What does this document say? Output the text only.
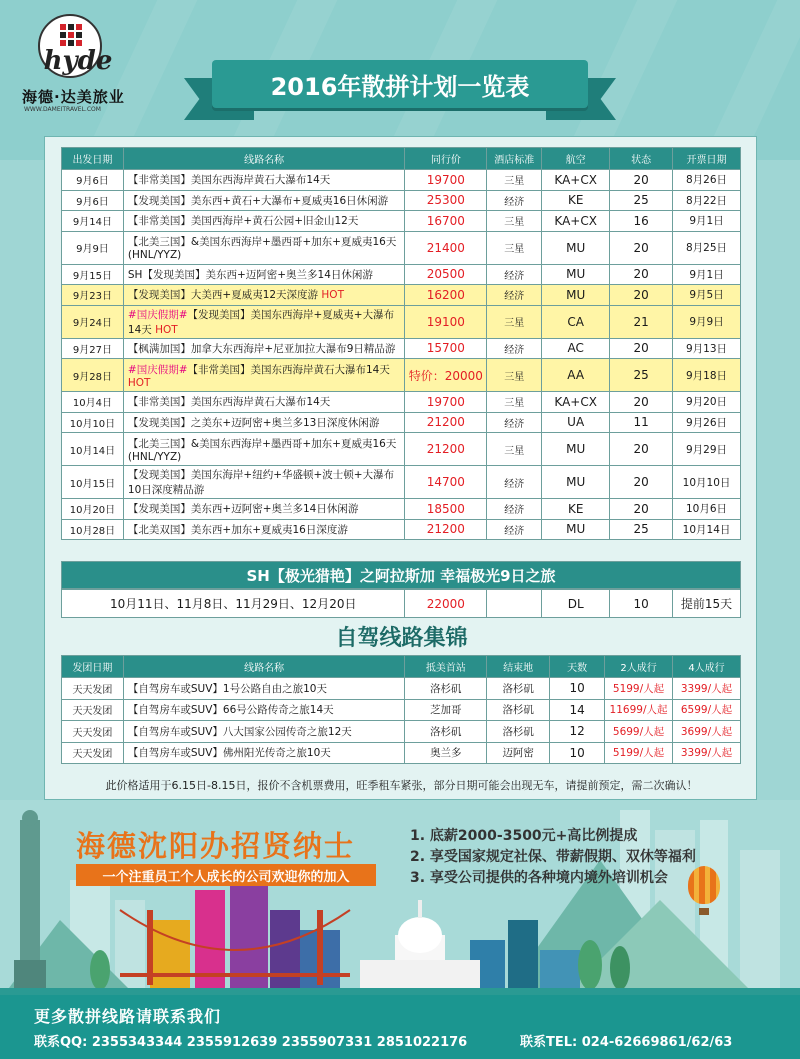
hyde
海德·达美旅业
WWW.DAMEITRAVEL.COM
2016年散拼计划一览表
出发日期	线路名称	同行价	酒店标准	航空	状态	开票日期
9月6日	【非常美国】美国东西海岸黄石大瀑布14天	19700	三星	KA+CX	20	8月26日
9月6日	【发现美国】美东西+黄石+大瀑布+夏威夷16日休闲游	25300	经济	KE	25	8月22日
9月14日	【非常美国】美国西海岸+黄石公园+旧金山12天	16700	三星	KA+CX	16	9月1日
9月9日	【北美三国】&美国东西海岸+墨西哥+加东+夏威夷16天(HNL/YYZ)	21400	三星	MU	20	8月25日
9月15日	SH【发现美国】美东西+迈阿密+奥兰多14日休闲游	20500	经济	MU	20	9月1日
9月23日	【发现美国】大美西+夏威夷12天深度游 HOT	16200	经济	MU	20	9月5日
9月24日	#国庆假期#【发现美国】美国东西海岸+夏威夷+大瀑布14天 HOT	19100	三星	CA	21	9月9日
9月27日	【枫满加国】加拿大东西海岸+尼亚加拉大瀑布9日精品游	15700	经济	AC	20	9月13日
9月28日	#国庆假期#【非常美国】美国东西海岸黄石大瀑布14天 HOT	特价：20000	三星	AA	25	9月18日
10月4日	【非常美国】美国东西海岸黄石大瀑布14天	19700	三星	KA+CX	20	9月20日
10月10日	【发现美国】之美东+迈阿密+奥兰多13日深度休闲游	21200	经济	UA	11	9月26日
10月14日	【北美三国】&美国东西海岸+墨西哥+加东+夏威夷16天(HNL/YYZ)	21200	三星	MU	20	9月29日
10月15日	【发现美国】美国东海岸+纽约+华盛顿+波士顿+大瀑布10日深度精品游	14700	经济	MU	20	10月10日
10月20日	【发现美国】美东西+迈阿密+奥兰多14日休闲游	18500	经济	KE	20	10月6日
10月28日	【北美双国】美东西+加东+夏威夷16日深度游	21200	经济	MU	25	10月14日
SH【极光猎艳】之阿拉斯加 幸福极光9日之旅
10月11日、11月8日、11月29日、12月20日	22000		DL	10	提前15天
自驾线路集锦
发团日期	线路名称	抵美首站	结束地	天数	2人成行	4人成行
天天发团	【自驾房车或SUV】1号公路自由之旅10天	洛杉矶	洛杉矶	10	5199/人起	3399/人起
天天发团	【自驾房车或SUV】66号公路传奇之旅14天	芝加哥	洛杉矶	14	11699/人起	6599/人起
天天发团	【自驾房车或SUV】八大国家公园传奇之旅12天	洛杉矶	洛杉矶	12	5699/人起	3699/人起
天天发团	【自驾房车或SUV】佛州阳光传奇之旅10天	奥兰多	迈阿密	10	5199/人起	3399/人起
此价格适用于6.15日-8.15日，报价不含机票费用，旺季租车紧张，部分日期可能会出现无车，请提前预定，需二次确认！
海德沈阳办招贤纳士
一个注重员工个人成长的公司欢迎你的加入
1. 底薪2000-3500元+高比例提成
2. 享受国家规定社保、带薪假期、双休等福利
3. 享受公司提供的各种境内境外培训机会
更多散拼线路请联系我们
联系QQ: 2355343344 2355912639 2355907331 2851022176	联系TEL: 024-62669861/62/63
